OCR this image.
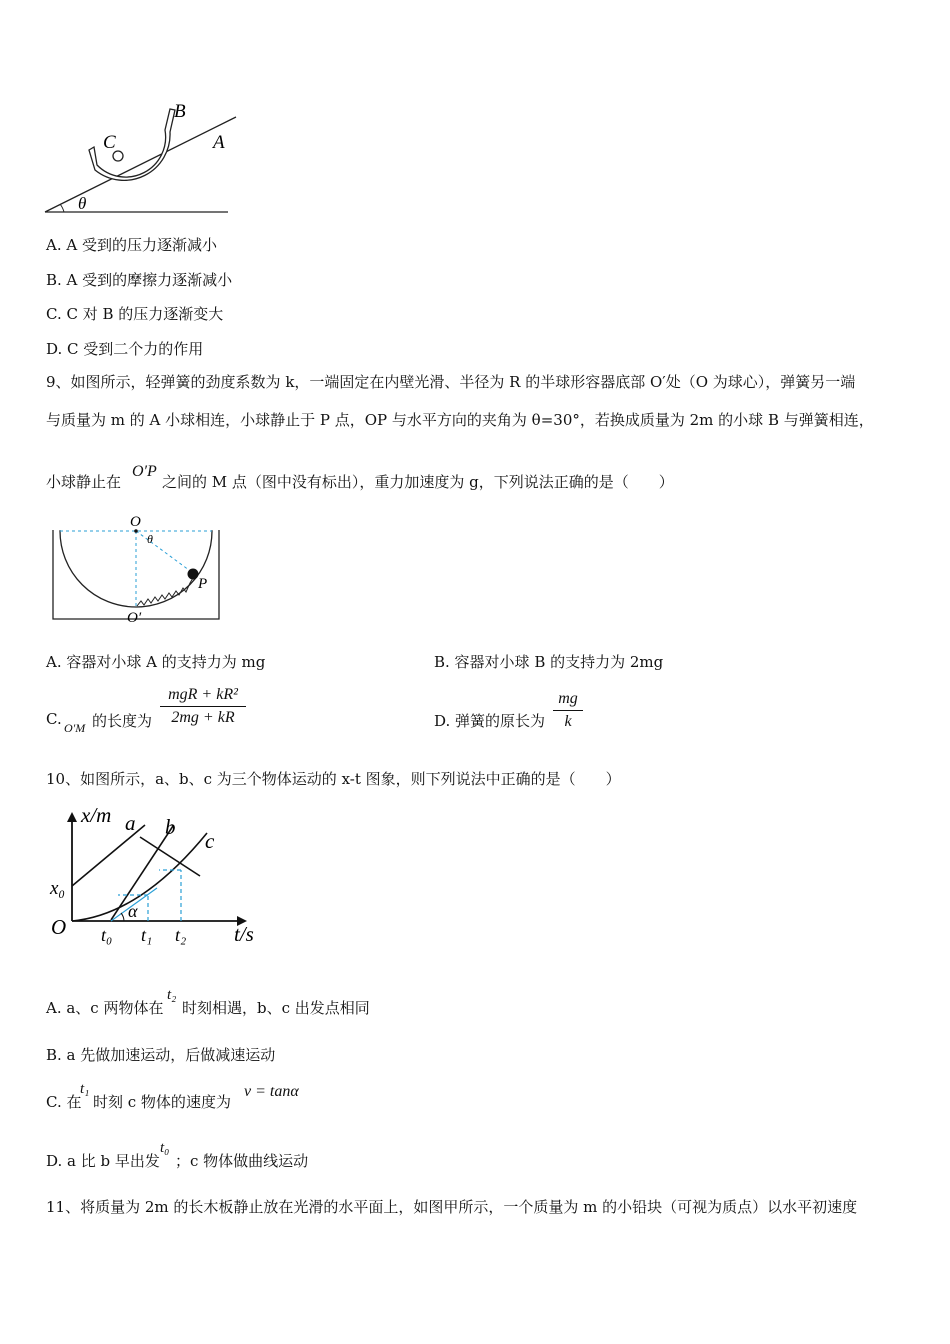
B
C	A
θ
A. A 受到的压力逐渐减小
B. A 受到的摩擦力逐渐减小
C. C 对 B 的压力逐渐变大
D. C 受到二个力的作用
9、如图所示，轻弹簧的劲度系数为 k，一端固定在内壁光滑、半径为 R 的半球形容器底部 O′处（O 为球心），弹簧另一端
与质量为 m 的 A 小球相连，小球静止于 P 点，OP 与水平方向的夹角为 θ=30°，若换成质量为 2m 的小球 B 与弹簧相连，
小球静止在
O′P
之间的 M 点（图中没有标出），重力加速度为 g，下列说法正确的是（　　）
O
θ
P
O′
A. 容器对小球 A 的支持力为 mg	B. 容器对小球 B 的支持力为 2mg
C. O′M 的长度为
mgR + kR²
2mg + kR	D. 弹簧的原长为
mg
k
10、如图所示，a、b、c 为三个物体运动的 x-t 图象，则下列说法中正确的是（　　）
x/m
t/s
O
x₀
t₀ t₁ t₂
α
a b
c
A. a、c 两物体在
t₂
时刻相遇，b、c 出发点相同
B. a 先做加速运动，后做减速运动
C. 在
t₁
时刻 c 物体的速度为
v = tanα
D. a 比 b 早出发
t₀
；c 物体做曲线运动
11、将质量为 2m 的长木板静止放在光滑的水平面上，如图甲所示，一个质量为 m 的小铅块（可视为质点）以水平初速度
